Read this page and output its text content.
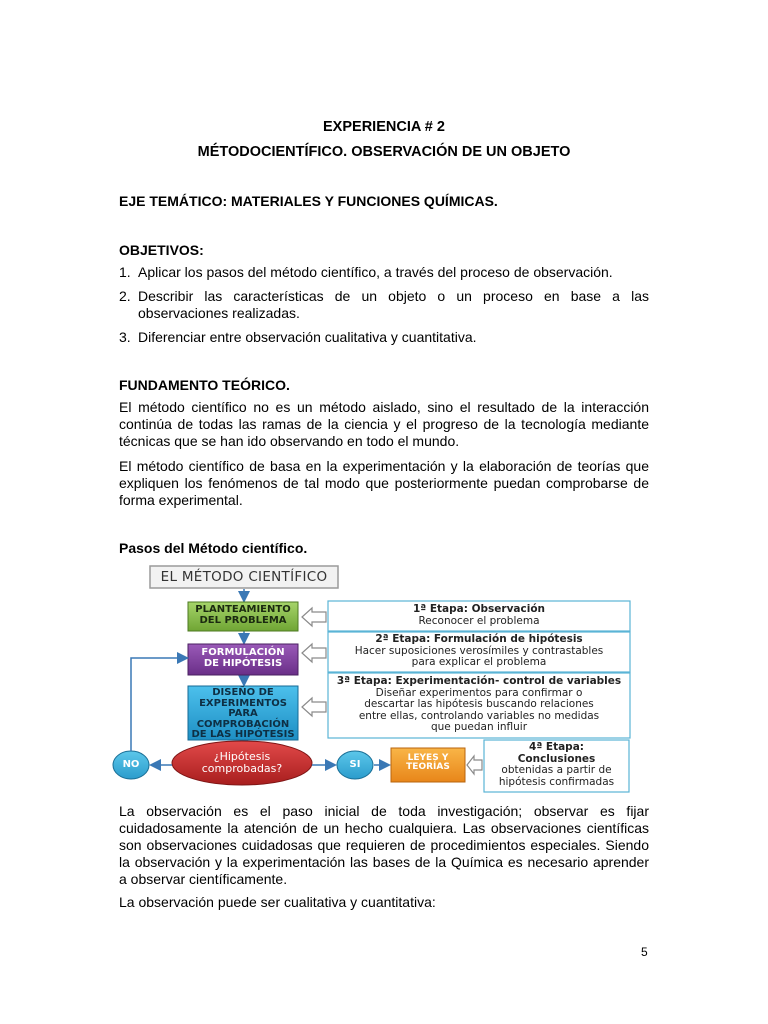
EXPERIENCIA # 2
MÉTODOCIENTÍFICO. OBSERVACIÓN DE UN OBJETO
EJE TEMÁTICO: MATERIALES Y FUNCIONES QUÍMICAS.
OBJETIVOS:
1. Aplicar los pasos del método científico, a través del proceso de observación.
2. Describir las características de un objeto o un proceso en base a las observaciones realizadas.
3. Diferenciar entre observación cualitativa y cuantitativa.
FUNDAMENTO TEÓRICO.
El método científico no es un método aislado, sino el resultado de la interacción continúa de todas las ramas de la ciencia y el progreso de la tecnología mediante técnicas que se han ido observando en todo el mundo.
El método científico de basa en la experimentación y la elaboración de teorías que expliquen los fenómenos de tal modo que posteriormente puedan comprobarse de forma experimental.
Pasos del Método científico.
EL MÉTODO CIENTÍFICO
PLANTEAMIENTO
DEL PROBLEMA
FORMULACIÓN
DE HIPÓTESIS
DISEÑO DE
EXPERIMENTOS
PARA
COMPROBACIÓN
DE LAS HIPÓTESIS
¿Hipótesis
comprobadas?
NO	SI
LEYES Y
TEORÍAS
1ª Etapa: Observación
Reconocer el problema
2ª Etapa: Formulación de hipótesis
Hacer suposiciones verosímiles y contrastables
para explicar el problema
3ª Etapa: Experimentación- control de variables
Diseñar experimentos para confirmar o
descartar las hipótesis buscando relaciones
entre ellas, controlando variables no medidas
que puedan influir
4ª Etapa:
Conclusiones
obtenidas a partir de
hipótesis confirmadas
La observación es el paso inicial de toda investigación; observar es fijar cuidadosamente la atención de un hecho cualquiera. Las observaciones científicas son observaciones cuidadosas que requieren de procedimientos especiales. Siendo la observación y la experimentación las bases de la Química es necesario aprender a observar científicamente.
La observación puede ser cualitativa y cuantitativa:
5
